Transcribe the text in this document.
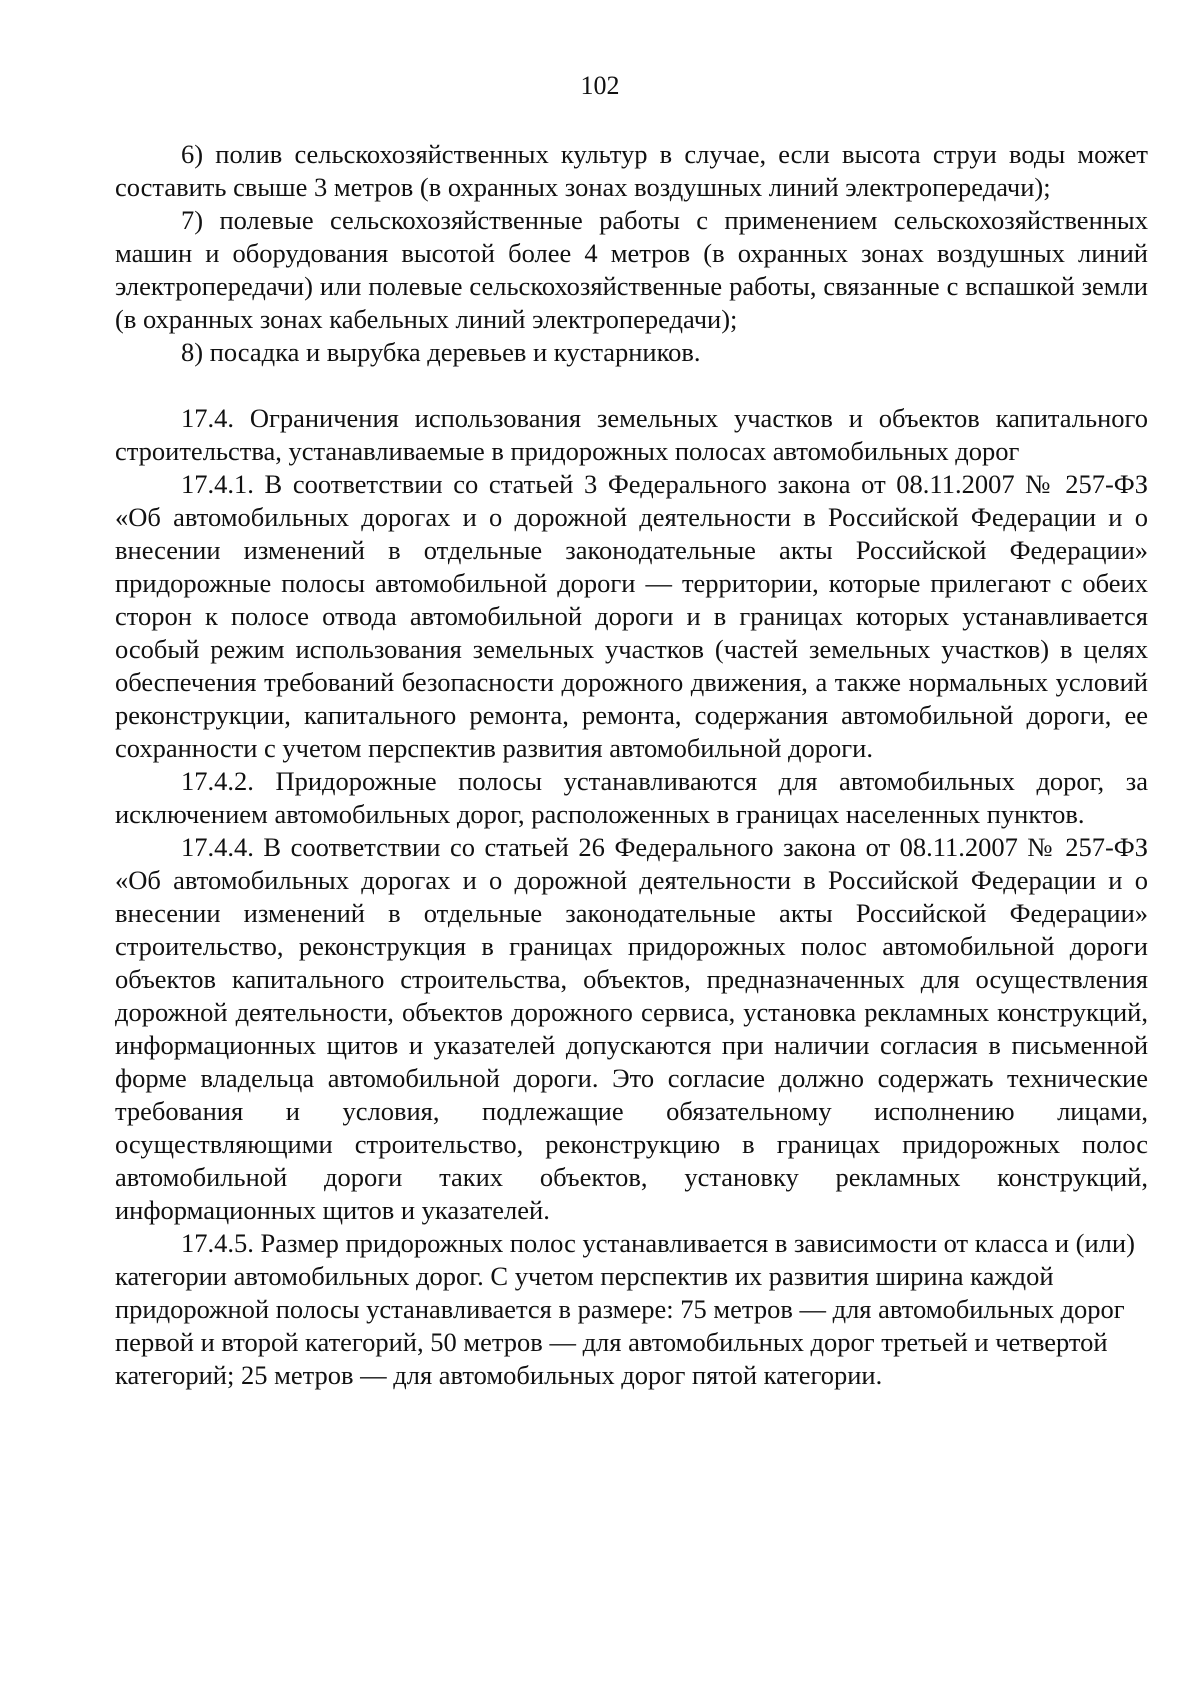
102

6) полив сельскохозяйственных культур в случае, если высота струи воды может составить свыше 3 метров (в охранных зонах воздушных линий электропередачи);

7) полевые сельскохозяйственные работы с применением сельскохозяйственных машин и оборудования высотой более 4 метров (в охранных зонах воздушных линий электропередачи) или полевые сельскохозяйственные работы, связанные с вспашкой земли (в охранных зонах кабельных линий электропередачи);

8) посадка и вырубка деревьев и кустарников.

17.4. Ограничения использования земельных участков и объектов капитального строительства, устанавливаемые в придорожных полосах автомобильных дорог

17.4.1. В соответствии со статьей 3 Федерального закона от 08.11.2007 № 257-ФЗ «Об автомобильных дорогах и о дорожной деятельности в Российской Федерации и о внесении изменений в отдельные законодательные акты Российской Федерации» придорожные полосы автомобильной дороги — территории, которые прилегают с обеих сторон к полосе отвода автомобильной дороги и в границах которых устанавливается особый режим использования земельных участков (частей земельных участков) в целях обеспечения требований безопасности дорожного движения, а также нормальных условий реконструкции, капитального ремонта, ремонта, содержания автомобильной дороги, ее сохранности с учетом перспектив развития автомобильной дороги.

17.4.2. Придорожные полосы устанавливаются для автомобильных дорог, за исключением автомобильных дорог, расположенных в границах населенных пунктов.

17.4.4. В соответствии со статьей 26 Федерального закона от 08.11.2007 № 257-ФЗ «Об автомобильных дорогах и о дорожной деятельности в Российской Федерации и о внесении изменений в отдельные законодательные акты Российской Федерации» строительство, реконструкция в границах придорожных полос автомобильной дороги объектов капитального строительства, объектов, предназначенных для осуществления дорожной деятельности, объектов дорожного сервиса, установка рекламных конструкций, информационных щитов и указателей допускаются при наличии согласия в письменной форме владельца автомобильной дороги. Это согласие должно содержать технические требования и условия, подлежащие обязательному исполнению лицами, осуществляющими строительство, реконструкцию в границах придорожных полос автомобильной дороги таких объектов, установку рекламных конструкций, информационных щитов и указателей.

17.4.5. Размер придорожных полос устанавливается в зависимости от класса и (или) категории автомобильных дорог. С учетом перспектив их развития ширина каждой придорожной полосы устанавливается в размере: 75 метров — для автомобильных дорог первой и второй категорий, 50 метров — для автомобильных дорог третьей и четвертой категорий; 25 метров — для автомобильных дорог пятой категории.
